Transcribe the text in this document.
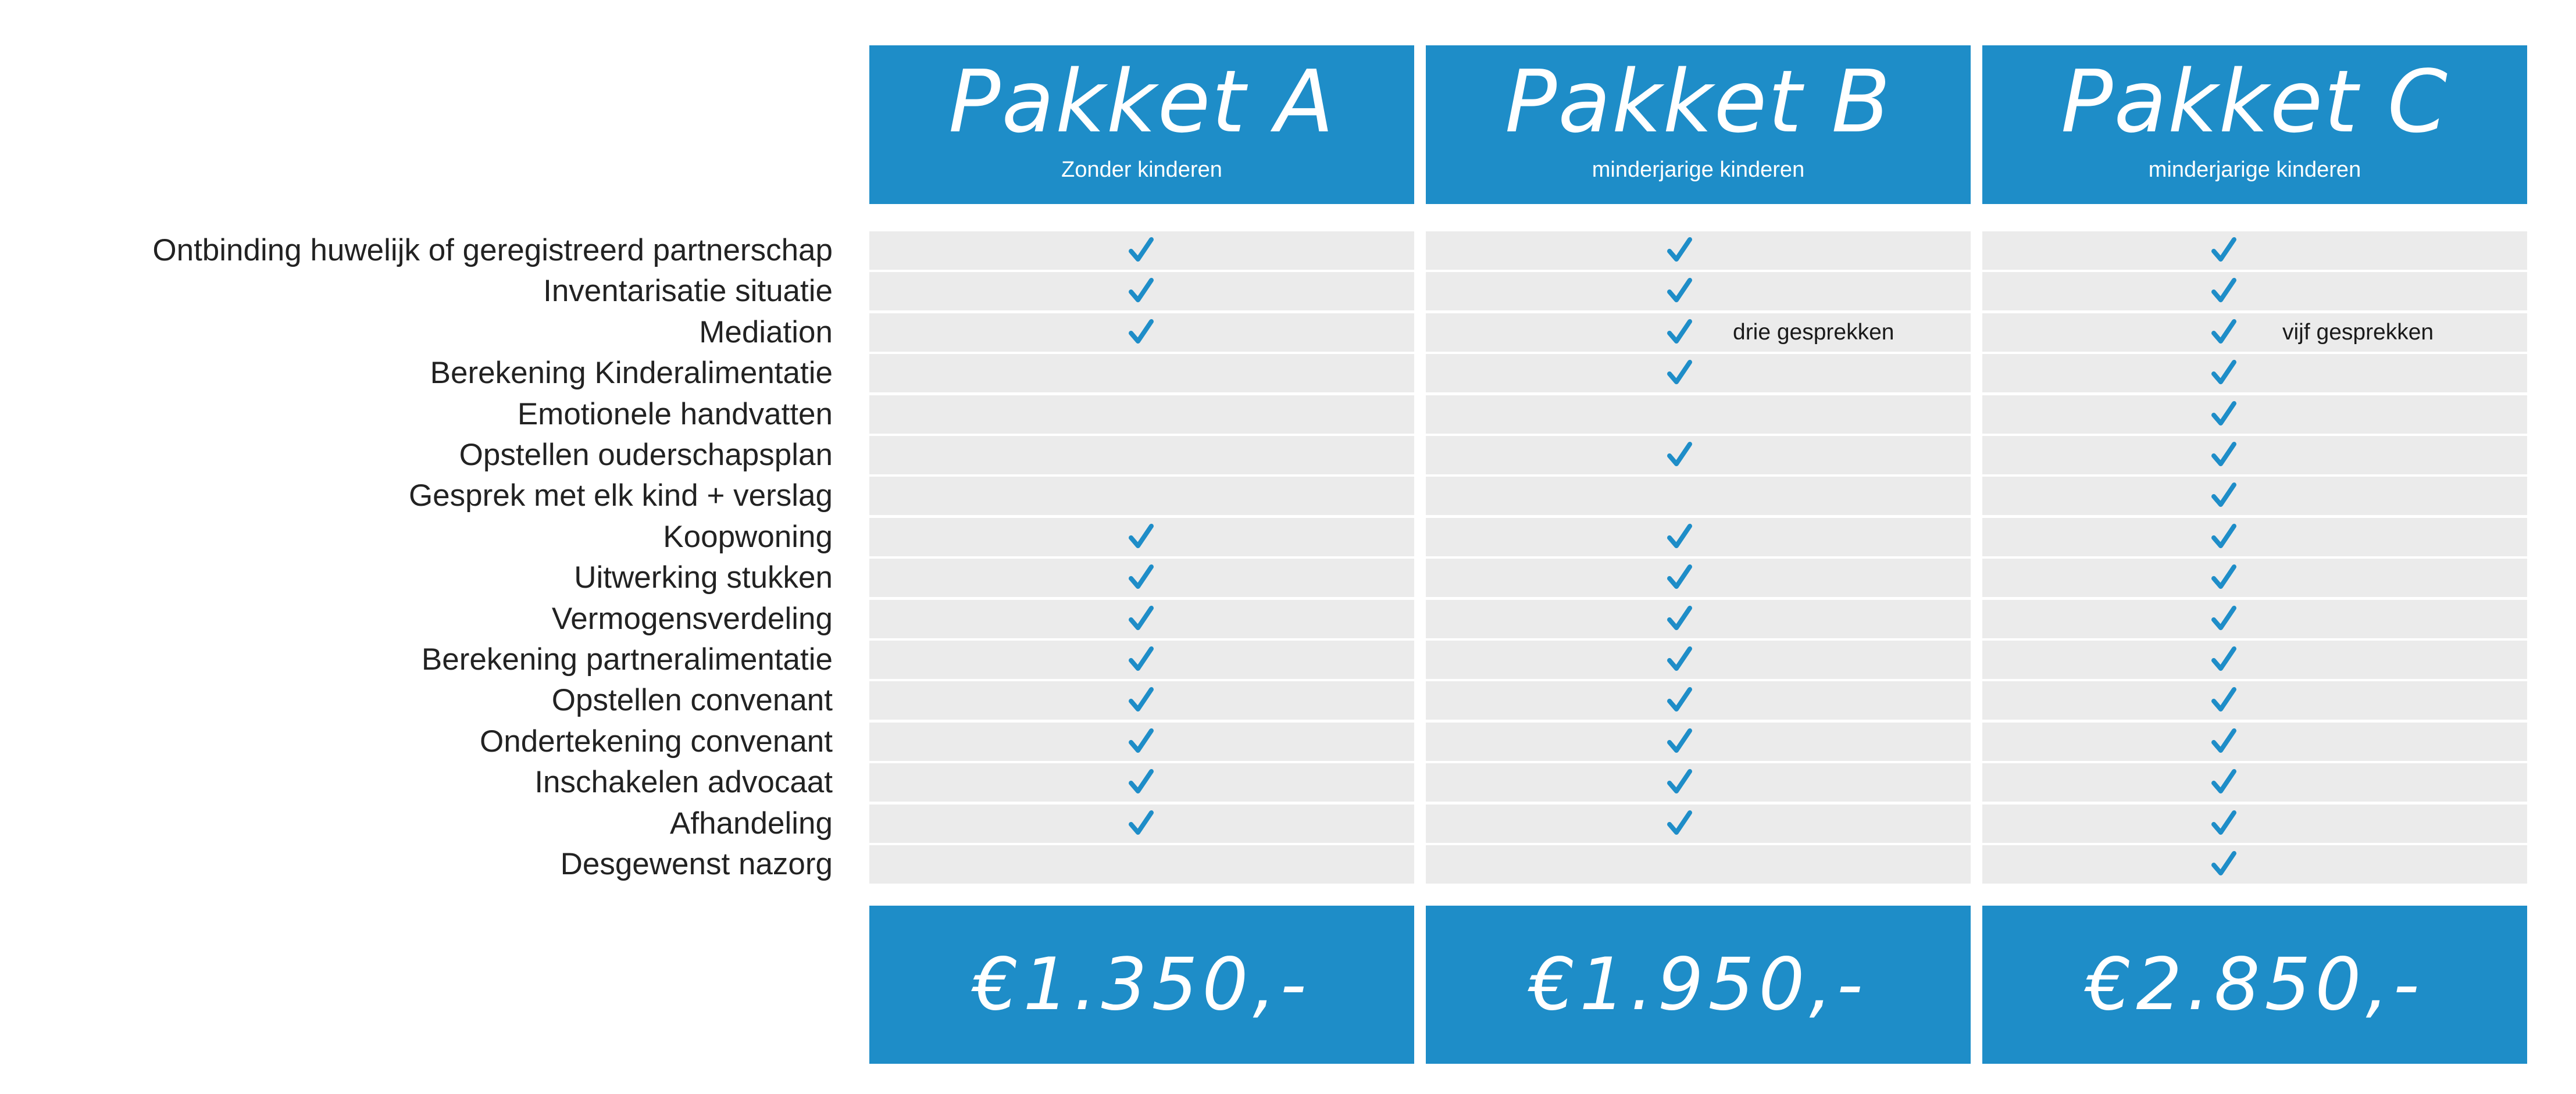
Pakket A
Zonder kinderen
€1.350,-
Pakket B
minderjarige kinderen
€1.950,-
Pakket C
minderjarige kinderen
€2.850,-
Ontbinding huwelijk of geregistreerd partnerschap
Inventarisatie situatie
Mediation	drie gesprekken	vijf gesprekken
Berekening Kinderalimentatie
Emotionele handvatten
Opstellen ouderschapsplan
Gesprek met elk kind + verslag
Koopwoning
Uitwerking stukken
Vermogensverdeling
Berekening partneralimentatie
Opstellen convenant
Ondertekening convenant
Inschakelen advocaat
Afhandeling
Desgewenst nazorg
